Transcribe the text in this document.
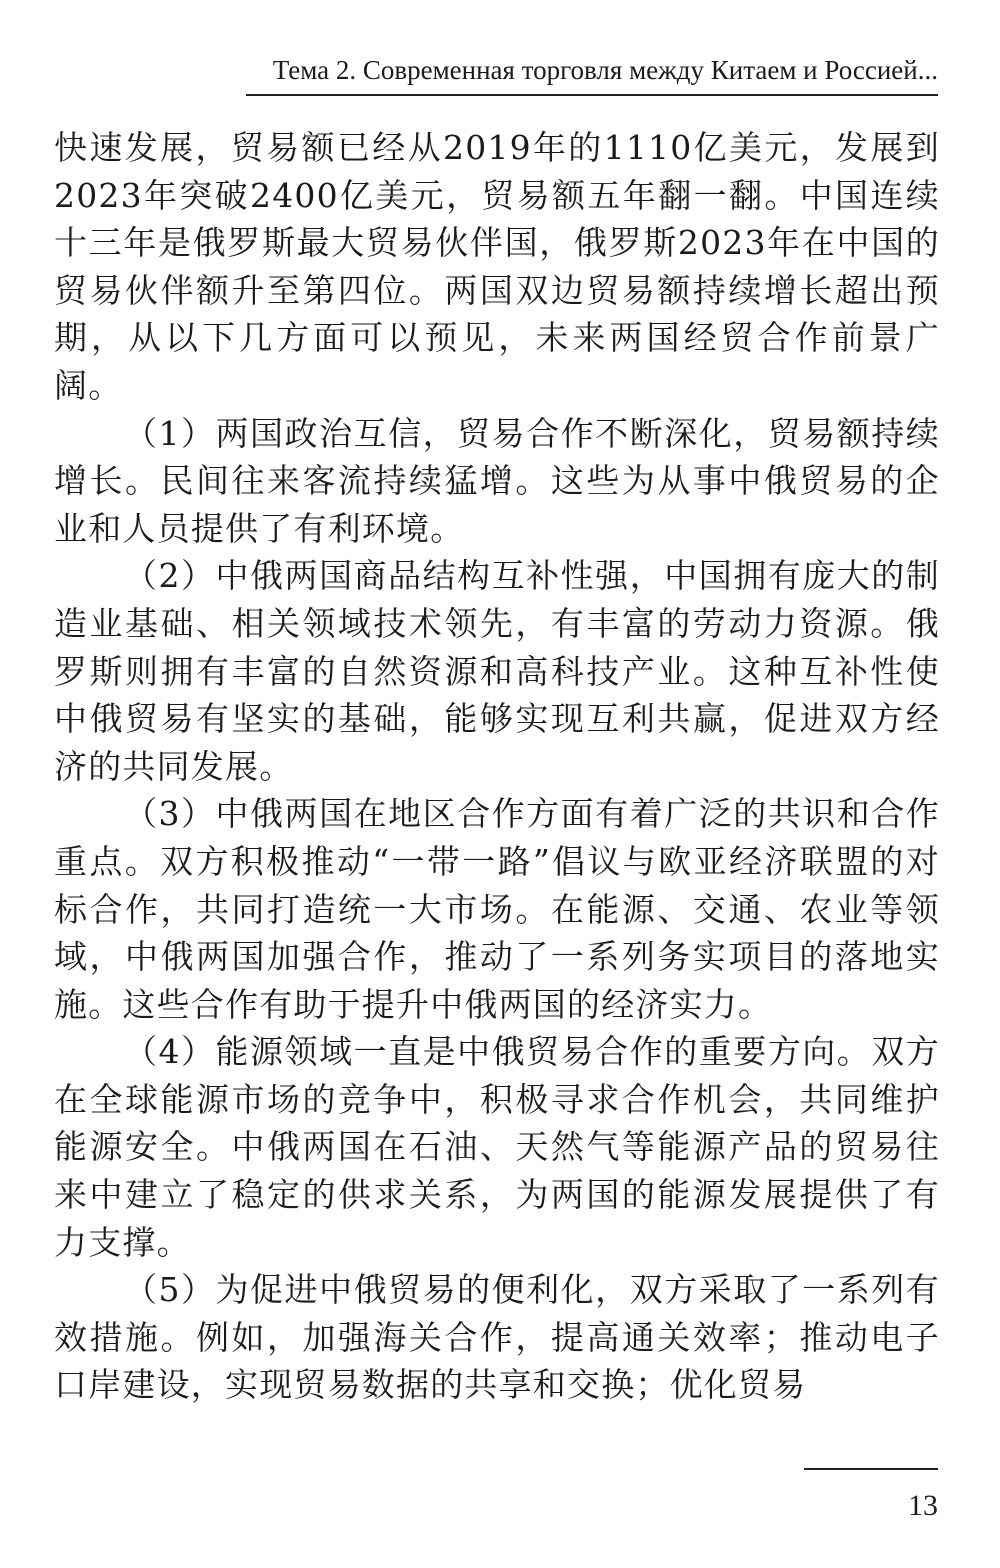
Тема 2. Современная торговля между Китаем и Россией...

快速发展，贸易额已经从2019年的1110亿美元，发展到2023年突破2400亿美元，贸易额五年翻一翻。中国连续十三年是俄罗斯最大贸易伙伴国，俄罗斯2023年在中国的贸易伙伴额升至第四位。两国双边贸易额持续增长超出预期，从以下几方面可以预见，未来两国经贸合作前景广阔。

（1）两国政治互信，贸易合作不断深化，贸易额持续增长。民间往来客流持续猛增。这些为从事中俄贸易的企业和人员提供了有利环境。

（2）中俄两国商品结构互补性强，中国拥有庞大的制造业基础、相关领域技术领先，有丰富的劳动力资源。俄罗斯则拥有丰富的自然资源和高科技产业。这种互补性使中俄贸易有坚实的基础，能够实现互利共赢，促进双方经济的共同发展。

（3）中俄两国在地区合作方面有着广泛的共识和合作重点。双方积极推动“一带一路”倡议与欧亚经济联盟的对标合作，共同打造统一大市场。在能源、交通、农业等领域，中俄两国加强合作，推动了一系列务实项目的落地实施。这些合作有助于提升中俄两国的经济实力。

（4）能源领域一直是中俄贸易合作的重要方向。双方在全球能源市场的竞争中，积极寻求合作机会，共同维护能源安全。中俄两国在石油、天然气等能源产品的贸易往来中建立了稳定的供求关系，为两国的能源发展提供了有力支撑。

（5）为促进中俄贸易的便利化，双方采取了一系列有效措施。例如，加强海关合作，提高通关效率；推动电子口岸建设，实现贸易数据的共享和交换；优化贸易

13
